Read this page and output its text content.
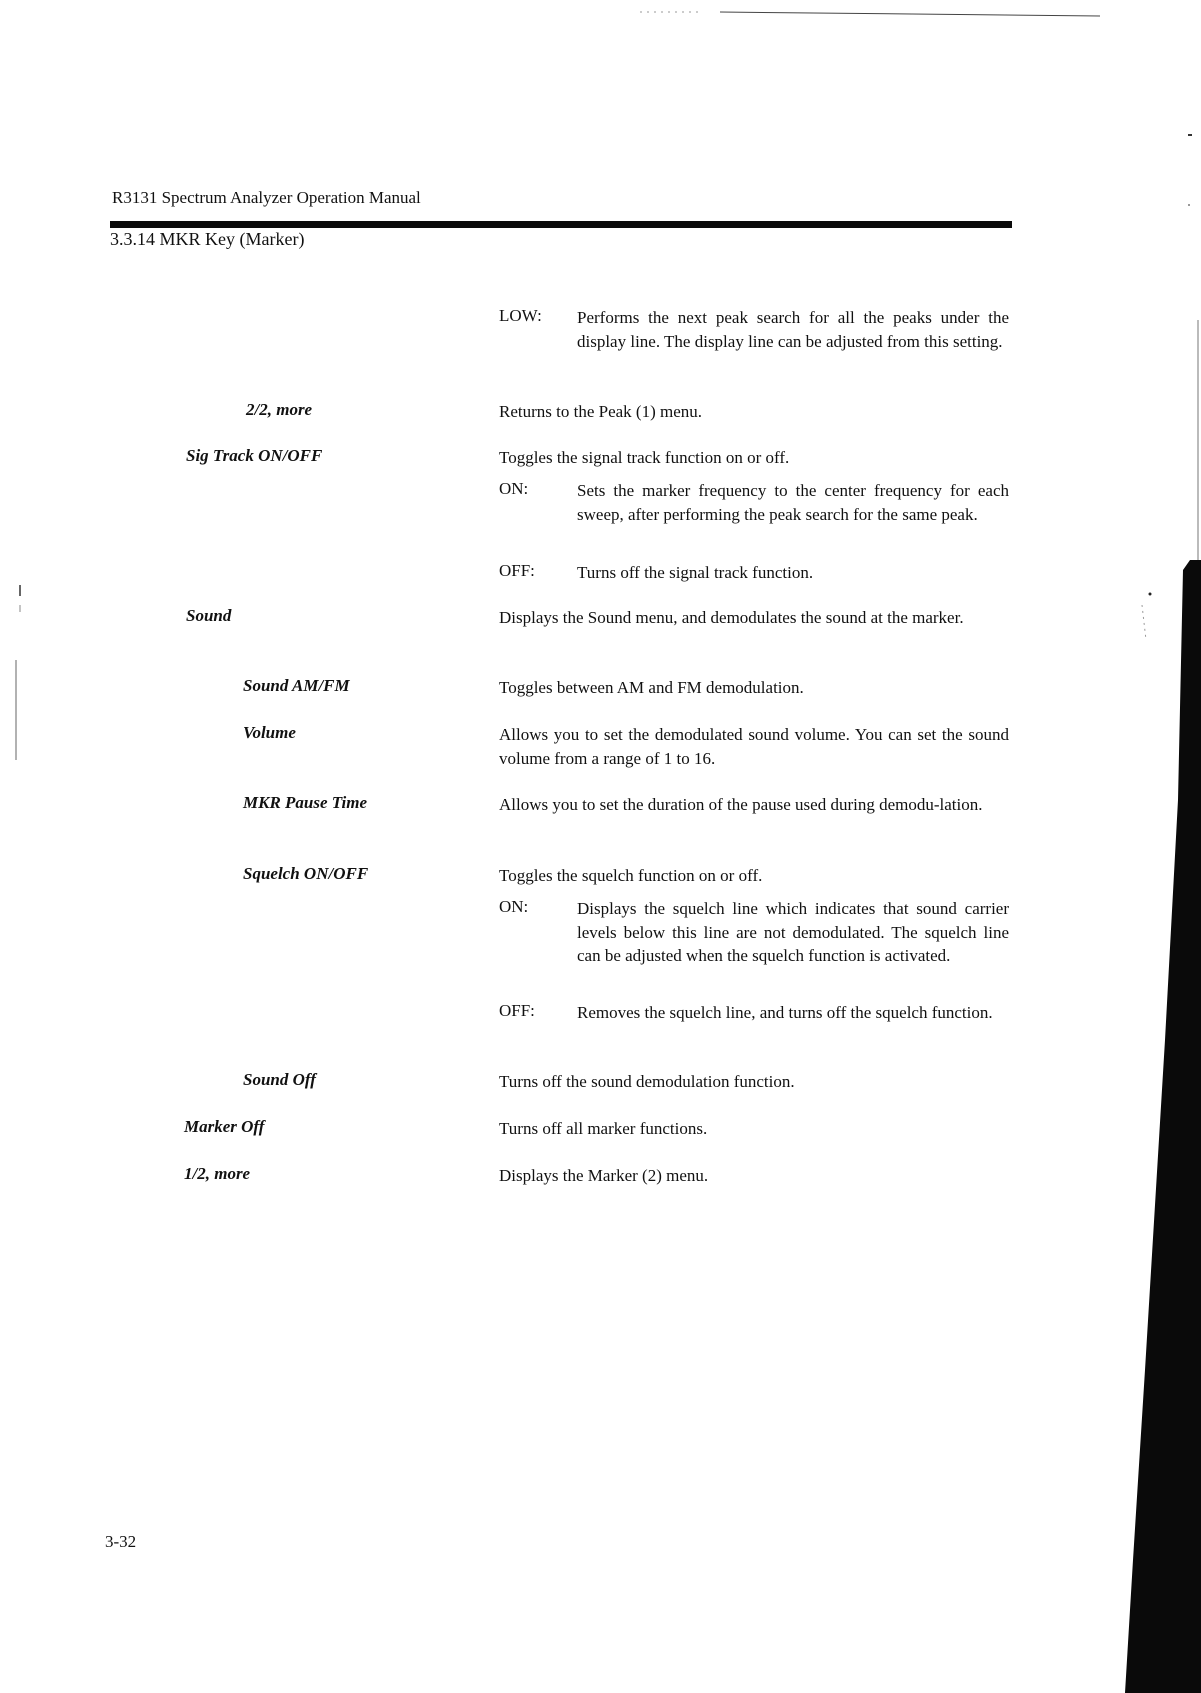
R3131 Spectrum Analyzer Operation Manual
3.3.14 MKR Key (Marker)
LOW: Performs the next peak search for all the peaks under the display line. The display line can be adjusted from this setting.
2/2, more	Returns to the Peak (1) menu.
Sig Track ON/OFF	Toggles the signal track function on or off.
ON:	Sets the marker frequency to the center frequency for each sweep, after performing the peak search for the same peak.
OFF: Turns off the signal track function.
Sound	Displays the Sound menu, and demodulates the sound at the marker.
Sound AM/FM	Toggles between AM and FM demodulation.
Volume	Allows you to set the demodulated sound volume. You can set the sound volume from a range of 1 to 16.
MKR Pause Time	Allows you to set the duration of the pause used during demodu-lation.
Squelch ON/OFF	Toggles the squelch function on or off.
ON:	Displays the squelch line which indicates that sound carrier levels below this line are not demodulated. The squelch line can be adjusted when the squelch function is activated.
OFF: Removes the squelch line, and turns off the squelch function.
Sound Off	Turns off the sound demodulation function.
Marker Off	Turns off all marker functions.
1/2, more	Displays the Marker (2) menu.
3-32
